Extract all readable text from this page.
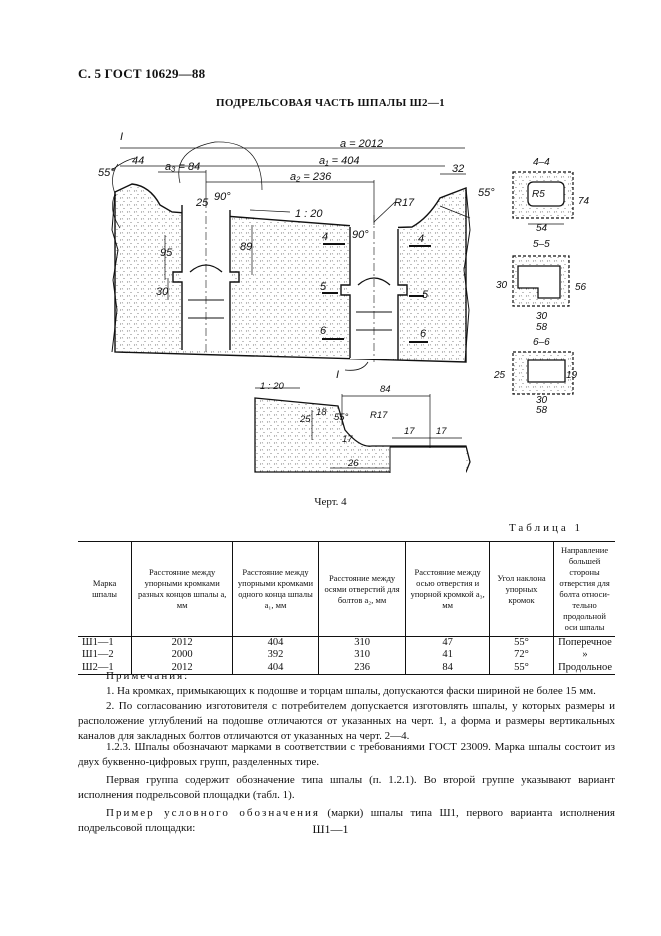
С. 5 ГОСТ 10629—88
ПОДРЕЛЬСОВАЯ ЧАСТЬ ШПАЛЫ Ш2—1
I
a = 2012
a₁ = 404
a₂ = 236
a₃ = 84
44
55°	32
55°
25 90°
1 : 20
R17
95	89
30
90°
4	4
5
5
6	6
I
4–4
R5
74
54
5–5
30	56
30
58
6–6
25	19
30
58
1 : 20	84
25
18 55° R17
17
17 17
26
Черт. 4
Таблица 1
Марка шпалы	Расстояние между упорными кромками разных концов шпалы a, мм	Расстояние между упорными кромками одного конца шпалы a₁, мм	Расстояние между осями отверстий для болтов a₂, мм	Расстояние между осью отверстия и упорной кромкой a₃, мм	Угол наклона упорных кромок	Направление большей стороны отверстия для болта относительно продольной оси шпалы
Ш1—1	2012	404	310	47	55°	Поперечное
Ш1—2	2000	392	310	41	72°	»
Ш2—1	2012	404	236	84	55°	Продольное
Примечания:

1. На кромках, примыкающих к подошве и торцам шпалы, допускаются фаски шириной не более 15 мм.

2. По согласованию изготовителя с потребителем допускается изготовлять шпалы, у которых размеры и расположение углублений на подошве отличаются от указанных на черт. 1, а форма и размеры вертикальных каналов для закладных болтов отличаются от указанных на черт. 2—4.

1.2.3. Шпалы обозначают марками в соответствии с требованиями ГОСТ 23009. Марка шпалы состоит из двух буквенно-цифровых групп, разделенных тире.

Первая группа содержит обозначение типа шпалы (п. 1.2.1). Во второй группе указывают вариант исполнения подрельсовой площадки (табл. 1).

Пример условного обозначения (марки) шпалы типа Ш1, первого варианта исполнения подрельсовой площадки:	Ш1—1
